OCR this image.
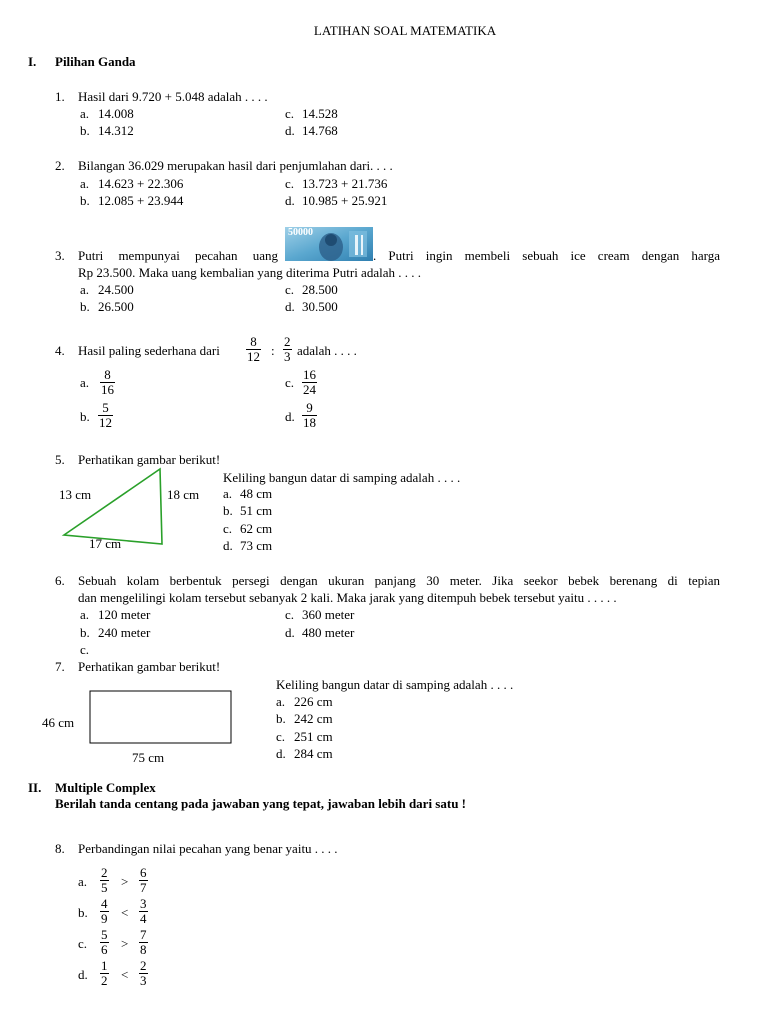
LATIHAN SOAL MATEMATIKA
I. Pilihan Ganda
1. Hasil dari 9.720 + 5.048 adalah . . . .
a. 14.008
b. 14.312
c. 14.528
d. 14.768
2. Bilangan 36.029 merupakan hasil dari penjumlahan dari. . . .
a. 14.623 + 22.306
b. 12.085 + 23.944
c. 13.723 + 21.736
d. 10.985 + 25.921
3. Putri mempunyai pecahan uang
50000
. Putri ingin membeli sebuah ice cream dengan harga
Rp 23.500. Maka uang kembalian yang diterima Putri adalah . . . .
a. 24.500
b. 26.500
c. 28.500
d. 30.500
4. Hasil paling sederhana dari $\frac{8}{12}$ : $\frac{2}{3}$ adalah . . . .
a. $\frac{8}{16}$
b. $\frac{5}{12}$
c. $\frac{16}{24}$
d. $\frac{9}{18}$
5. Perhatikan gambar berikut!
13 cm	18 cm
17 cm
Keliling bangun datar di samping adalah . . . .
a. 48 cm
b. 51 cm
c. 62 cm
d. 73 cm
6. Sebuah kolam berbentuk persegi dengan ukuran panjang 30 meter. Jika seekor bebek berenang di tepian
dan mengelilingi kolam tersebut sebanyak 2 kali. Maka jarak yang ditempuh bebek tersebut yaitu . . . . .
a. 120 meter
b. 240 meter
c. 360 meter
d. 480 meter
c.
7. Perhatikan gambar berikut!
46 cm
75 cm
Keliling bangun datar di samping adalah . . . .
a. 226 cm
b. 242 cm
c. 251 cm
d. 284 cm
II. Multiple Complex
Berilah tanda centang pada jawaban yang tepat, jawaban lebih dari satu !
8. Perbandingan nilai pecahan yang benar yaitu . . . .
a. $\frac{2}{5} > \frac{6}{7}$
b. $\frac{4}{9} < \frac{3}{4}$
c. $\frac{5}{6} > \frac{7}{8}$
d. $\frac{1}{2} < \frac{2}{3}$
